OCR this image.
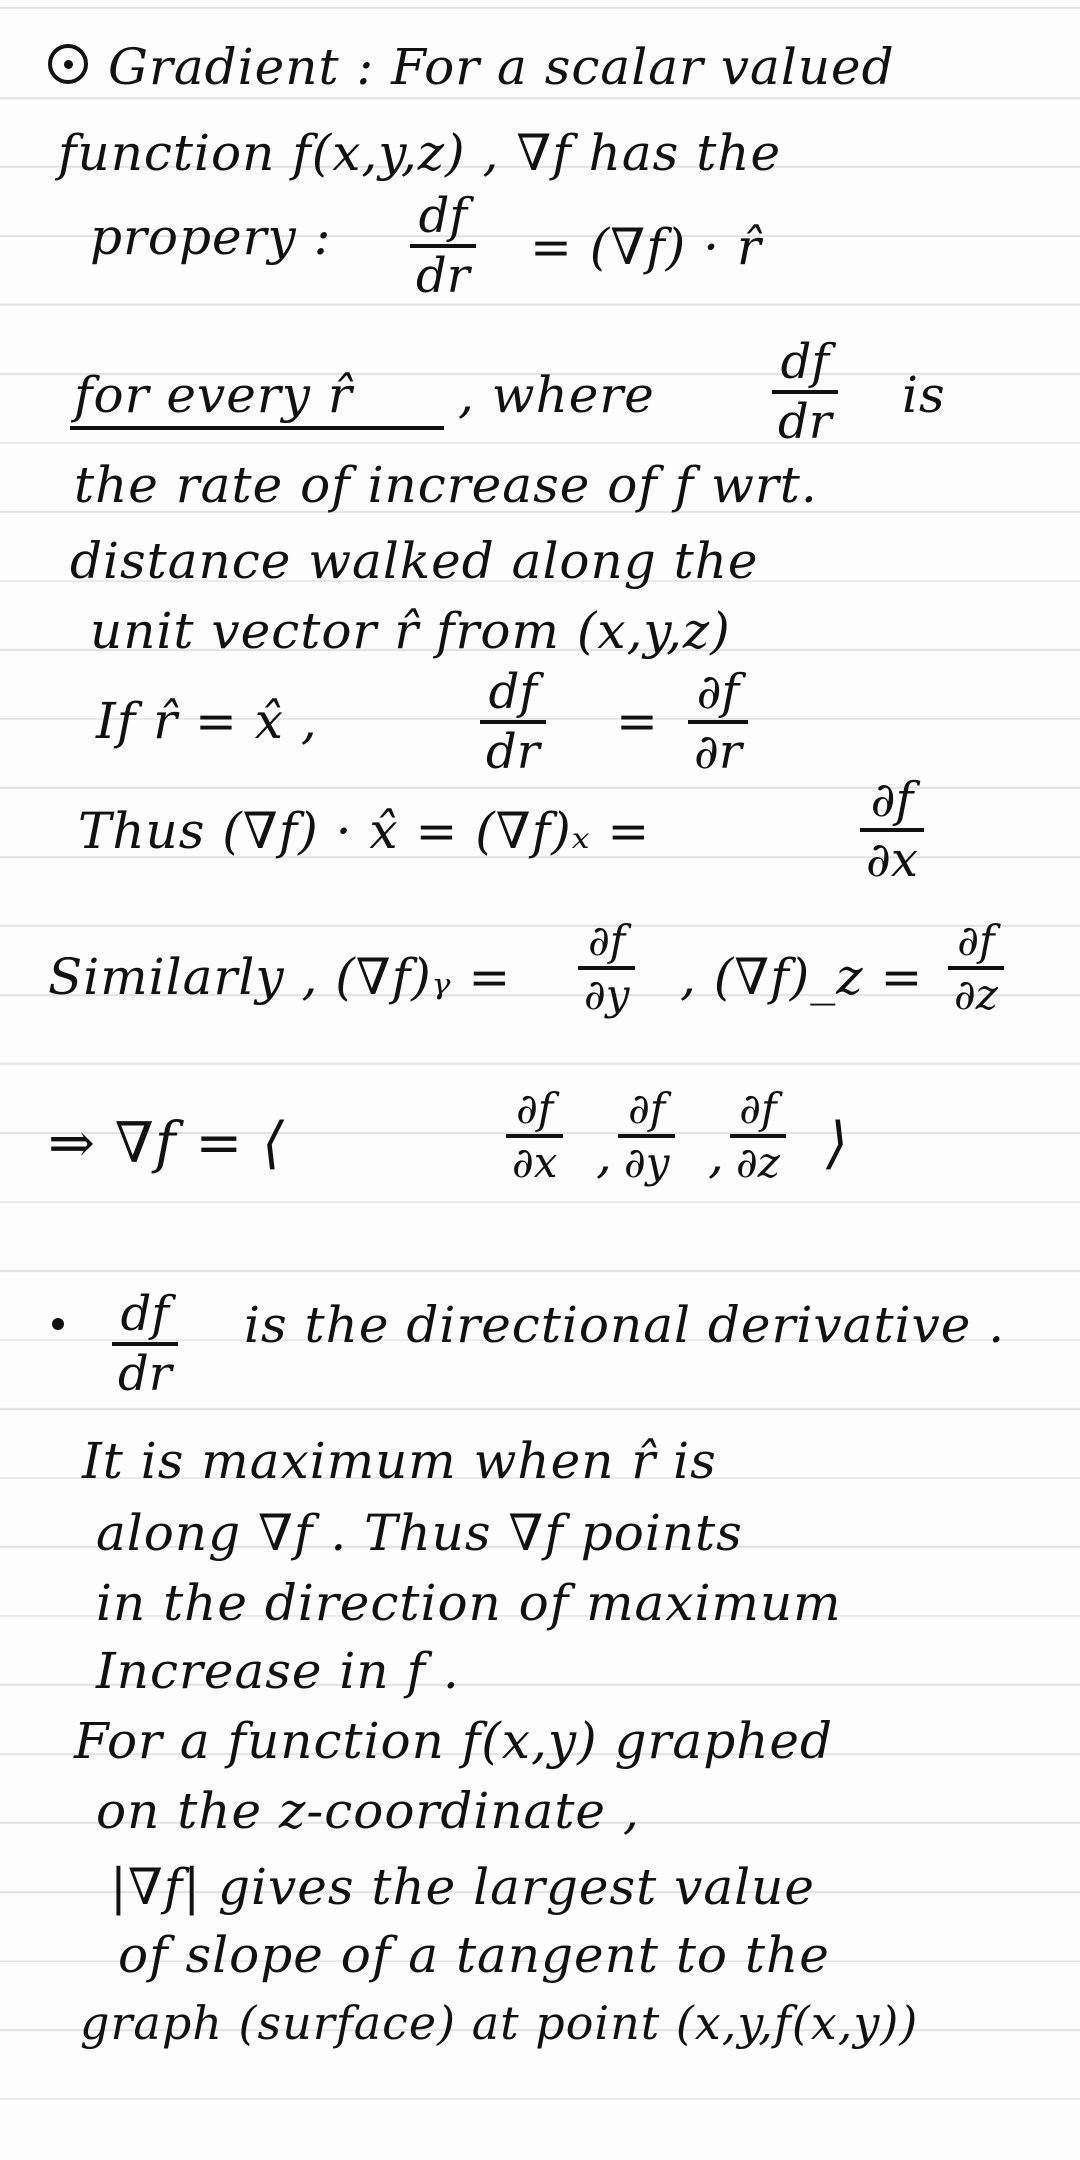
Gradient : For a scalar valued
function f(x,y,z) , ∇f has the
propery : $\frac{df}{dr} = (\nabla f)$ · r̂
for every r̂ , where $\frac{df}{dr}$ is
the rate of increase of f wrt.
distance walked along the
unit vector r̂ from (x,y,z)
If r̂ = x̂ ,	$\frac{df}{dr} = \frac{\partial f}{\partial r}$
Thus (∇f) · x̂ = (∇f)ₓ =	$\frac{\partial f}{\partial x}$
Similarly , (∇f)ᵧ = $\frac{\partial f}{\partial y}$ , (∇f)_z = $\frac{\partial f}{\partial z}$
⇒ ∇f = ⟨	$\frac{\partial f}{\partial x}$ , $\frac{\partial f}{\partial y}$ , $\frac{\partial f}{\partial z}$ ⟩
$\frac{df}{dr}$ is the directional derivative .
It is maximum when r̂ is
along ∇f . Thus ∇f points
in the direction of maximum
Increase in f .
For a function f(x,y) graphed
on the z-coordinate ,
|∇f| gives the largest value
of slope of a tangent to the
graph (surface) at point (x,y,f(x,y))
